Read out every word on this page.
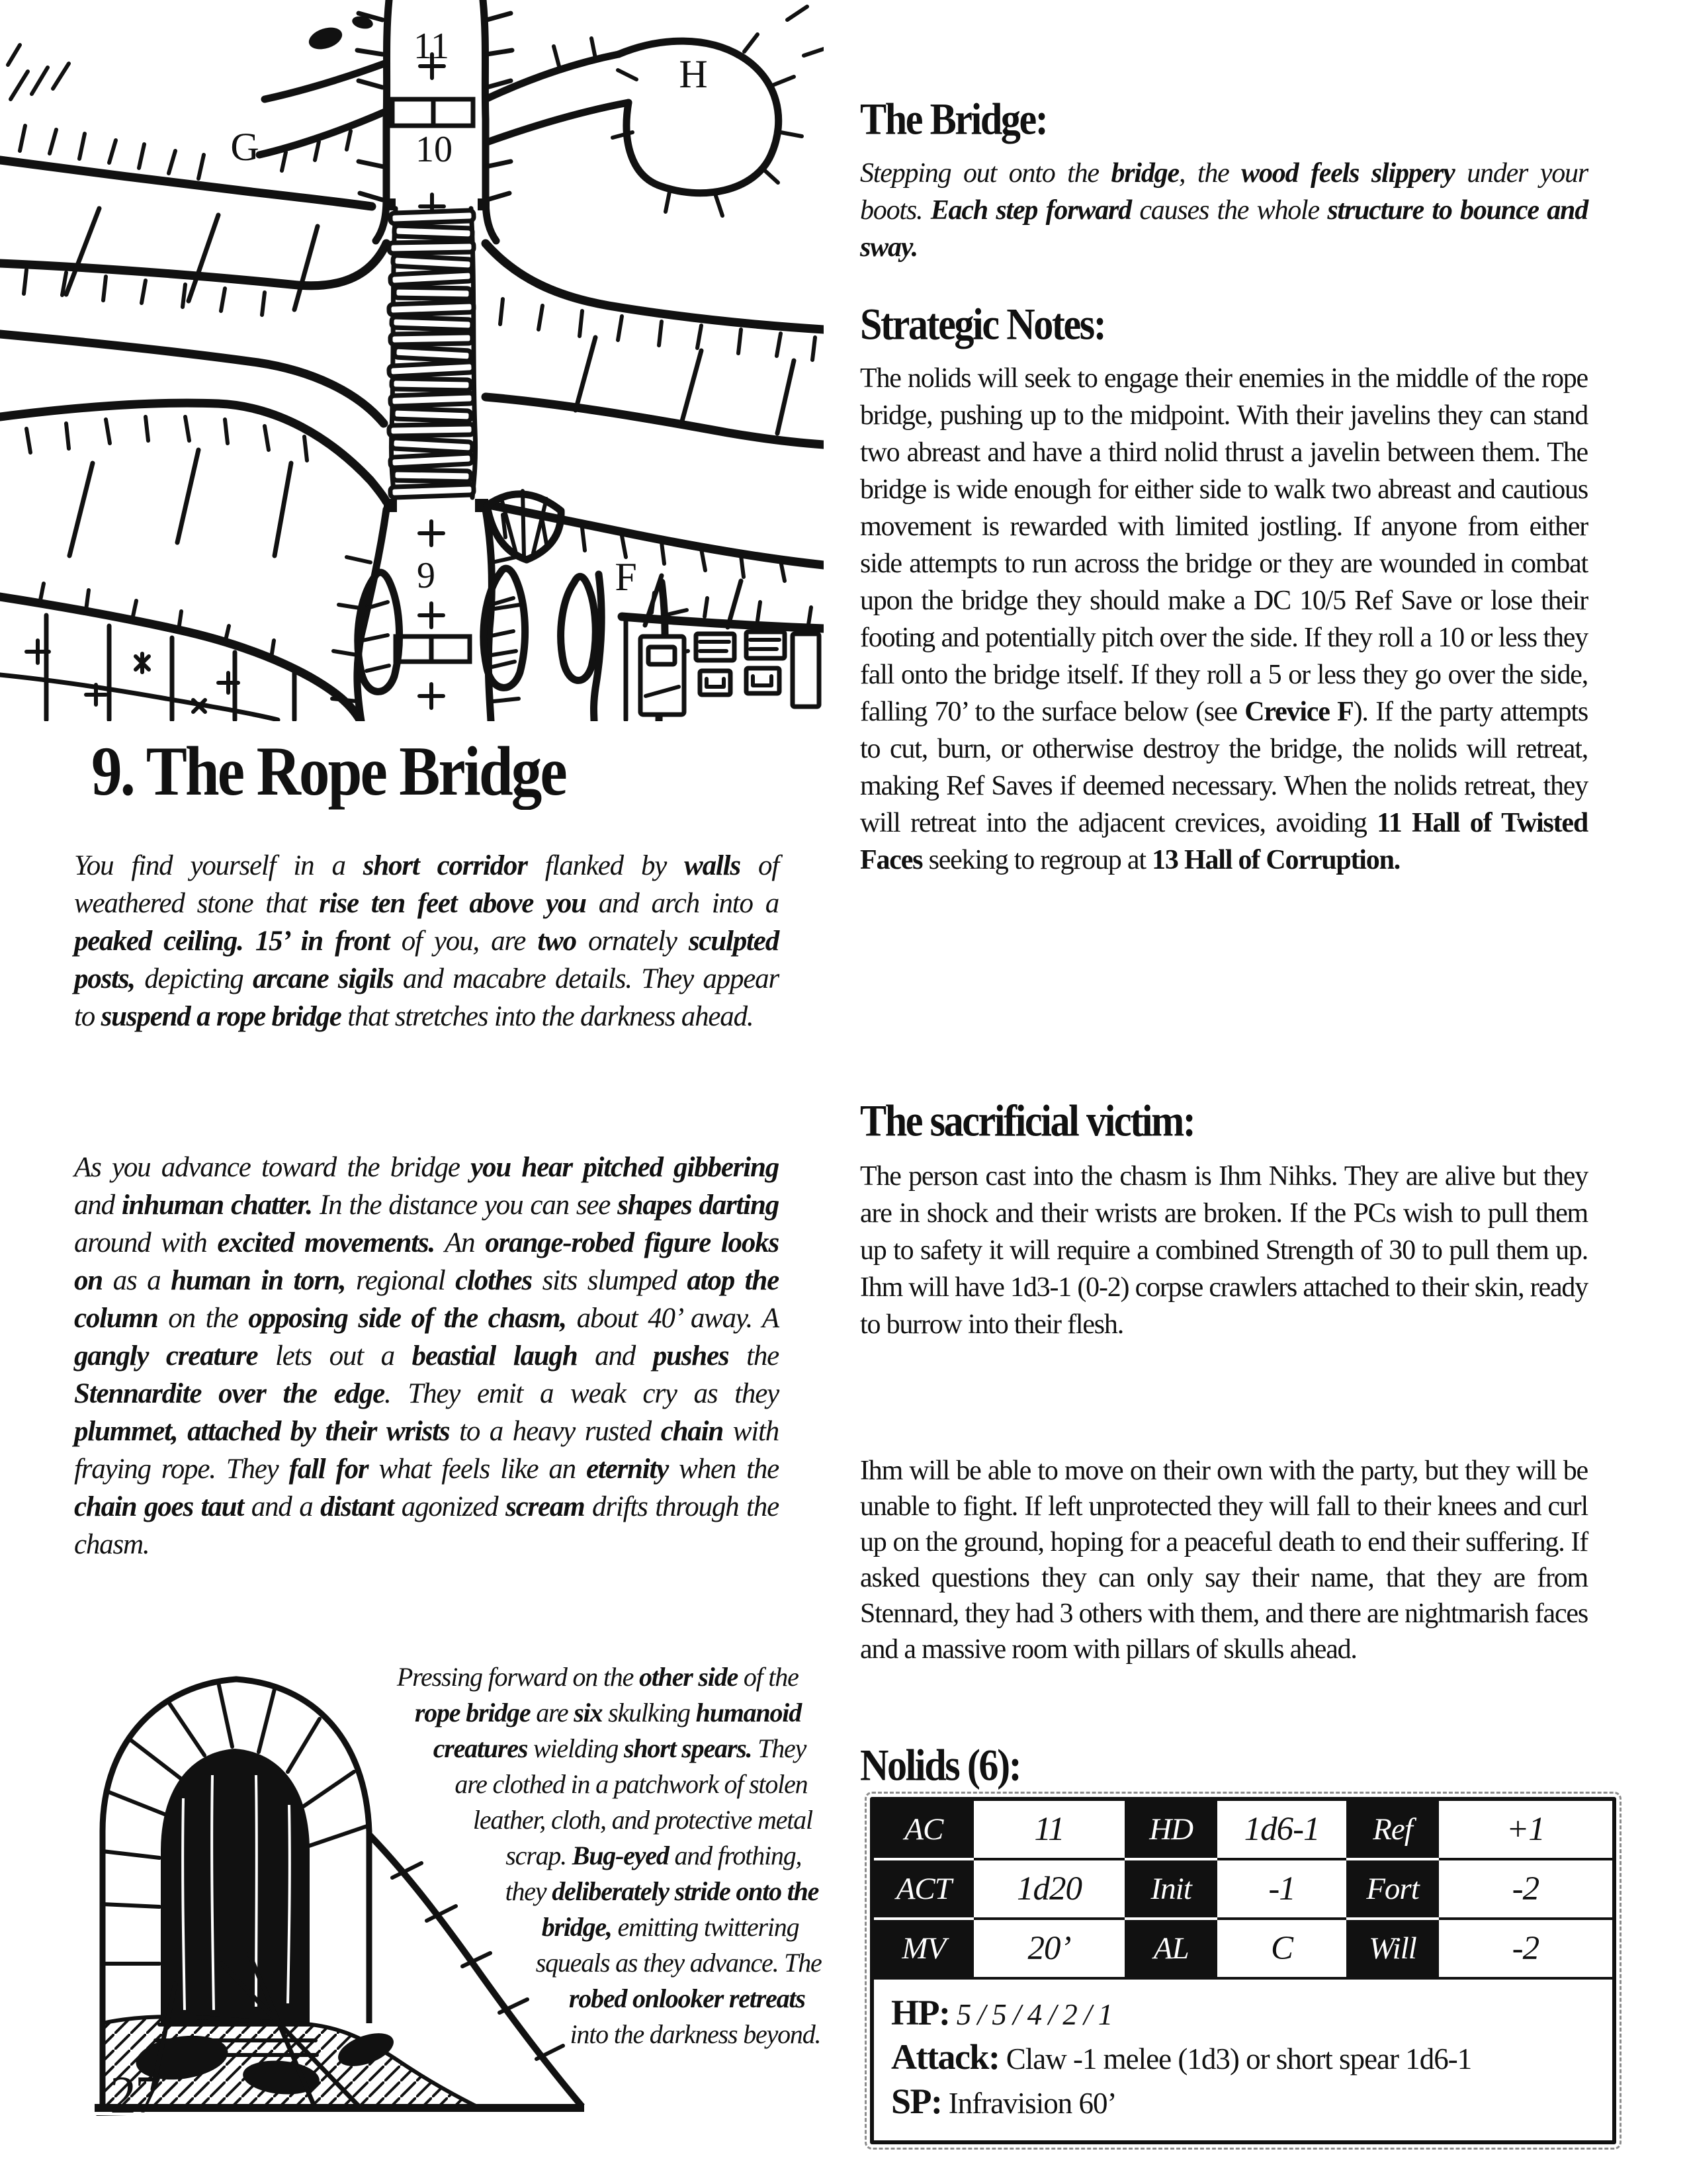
11
H
G	10
9	F
9. The Rope Bridge

You find yourself in a short corridor flanked by walls of weathered stone that rise ten feet above you and arch into a peaked ceiling. 15’ in front of you, are two ornately sculpted posts, depicting arcane sigils and macabre details. They appear to suspend a rope bridge that stretches into the darkness ahead.

As you advance toward the bridge you hear pitched gibbering and inhuman chatter. In the distance you can see shapes darting around with excited movements. An orange-robed figure looks on as a human in torn, regional clothes sits slumped atop the column on the opposing side of the chasm, about 40’ away. A gangly creature lets out a beastial laugh and pushes the Stennardite over the edge. They emit a weak cry as they plummet, attached by their wrists to a heavy rusted chain with fraying rope. They fall for what feels like an eternity when the chain goes taut and a distant agonized scream drifts through the chasm.

Pressing forward on the other side of the rope bridge are six skulking humanoid creatures wielding short spears. They are clothed in a patchwork of stolen leather, cloth, and protective metal scrap. Bug-eyed and frothing, they deliberately stride onto the bridge, emitting twittering squeals as they advance. The robed onlooker retreats into the darkness beyond.

27
The Bridge:

Stepping out onto the bridge, the wood feels slippery under your boots. Each step forward causes the whole structure to bounce and sway.

Strategic Notes:

The nolids will seek to engage their enemies in the middle of the rope bridge, pushing up to the midpoint. With their javelins they can stand two abreast and have a third nolid thrust a javelin between them. The bridge is wide enough for either side to walk two abreast and cautious movement is rewarded with limited jostling. If anyone from either side attempts to run across the bridge or they are wounded in combat upon the bridge they should make a DC 10/5 Ref Save or lose their footing and potentially pitch over the side. If they roll a 10 or less they fall onto the bridge itself. If they roll a 5 or less they go over the side, falling 70’ to the surface below (see Crevice F). If the party attempts to cut, burn, or otherwise destroy the bridge, the nolids will retreat, making Ref Saves if deemed necessary. When the nolids retreat, they will retreat into the adjacent crevices, avoiding 11 Hall of Twisted Faces seeking to regroup at 13 Hall of Corruption.

The sacrificial victim:

The person cast into the chasm is Ihm Nihks. They are alive but they are in shock and their wrists are broken. If the PCs wish to pull them up to safety it will require a combined Strength of 30 to pull them up. Ihm will have 1d3-1 (0-2) corpse crawlers attached to their skin, ready to burrow into their flesh.

Ihm will be able to move on their own with the party, but they will be unable to fight. If left unprotected they will fall to their knees and curl up on the ground, hoping for a peaceful death to end their suffering. If asked questions they can only say their name, that they are from Stennard, they had 3 others with them, and there are nightmarish faces and a massive room with pillars of skulls ahead.

Nolids (6):
AC	11	HD	1d6-1	Ref	+1
ACT	1d20	Init	-1	Fort	-2
MV	20’	AL	C	Will	-2
HP: 5 / 5 / 4 / 2 / 1
Attack: Claw -1 melee (1d3) or short spear 1d6-1
SP: Infravision 60’
